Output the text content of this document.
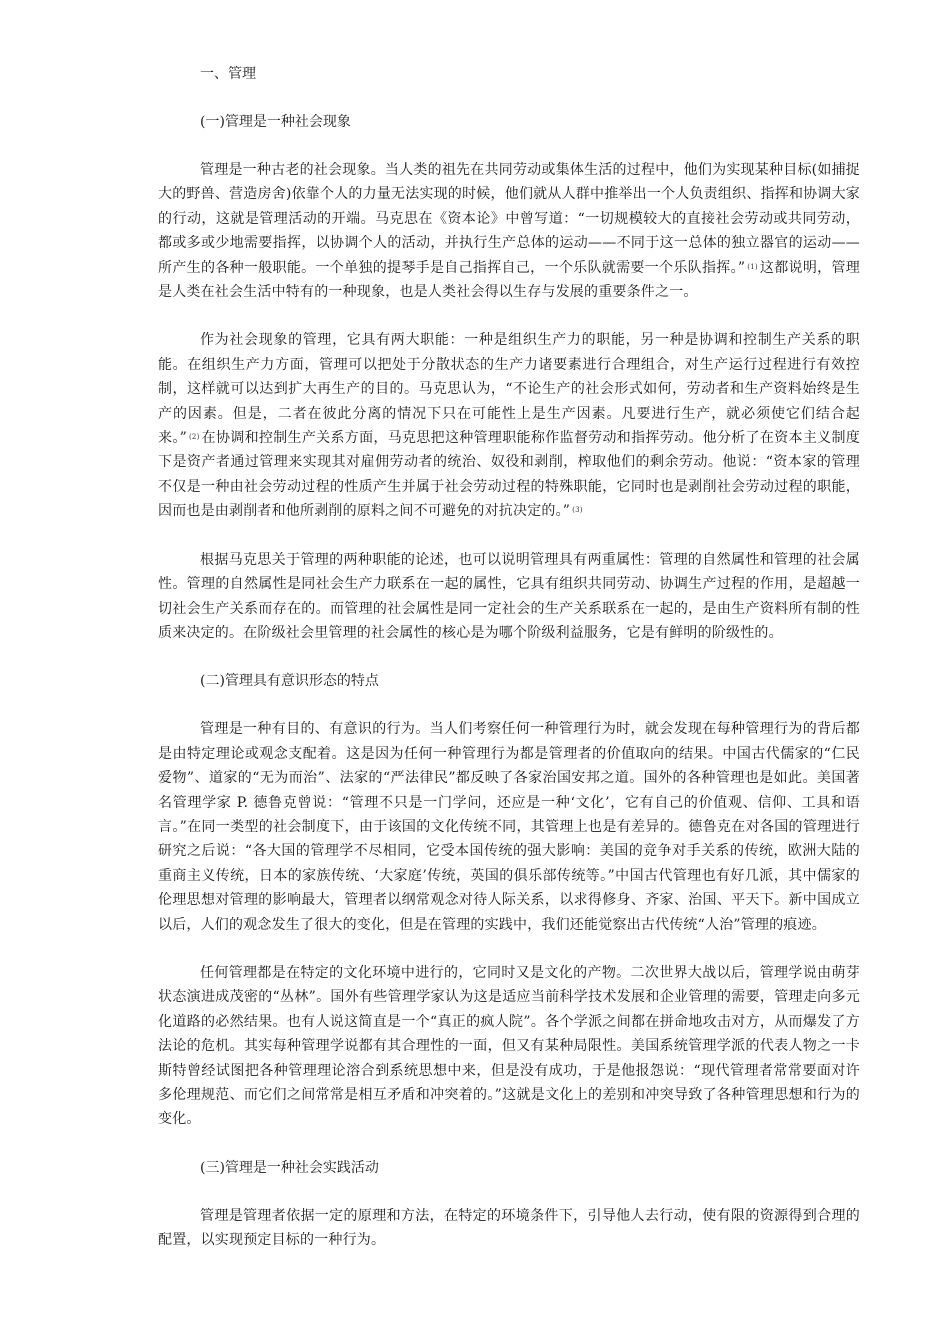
一、管理

(一)管理是一种社会现象

管理是一种古老的社会现象。当人类的祖先在共同劳动或集体生活的过程中，他们为实现某种目标(如捕捉大的野兽、营造房舍)依靠个人的力量无法实现的时候，他们就从人群中推举出一个人负责组织、指挥和协调大家的行动，这就是管理活动的开端。马克思在《资本论》中曾写道：“一切规模较大的直接社会劳动或共同劳动，都或多或少地需要指挥，以协调个人的活动，并执行生产总体的运动——不同于这一总体的独立器官的运动——所产生的各种一般职能。一个单独的提琴手是自己指挥自己，一个乐队就需要一个乐队指挥。” $^{(1)}$ 这都说明，管理是人类在社会生活中特有的一种现象，也是人类社会得以生存与发展的重要条件之一。

作为社会现象的管理，它具有两大职能：一种是组织生产力的职能，另一种是协调和控制生产关系的职能。在组织生产力方面，管理可以把处于分散状态的生产力诸要素进行合理组合，对生产运行过程进行有效控制，这样就可以达到扩大再生产的目的。马克思认为，“不论生产的社会形式如何，劳动者和生产资料始终是生产的因素。但是，二者在彼此分离的情况下只在可能性上是生产因素。凡要进行生产，就必须使它们结合起来。” $^{(2)}$ 在协调和控制生产关系方面，马克思把这种管理职能称作监督劳动和指挥劳动。他分析了在资本主义制度下是资产者通过管理来实现其对雇佣劳动者的统治、奴役和剥削，榨取他们的剩余劳动。他说：“资本家的管理不仅是一种由社会劳动过程的性质产生并属于社会劳动过程的特殊职能，它同时也是剥削社会劳动过程的职能，因而也是由剥削者和他所剥削的原料之间不可避免的对抗决定的。” $^{(3)}$

根据马克思关于管理的两种职能的论述，也可以说明管理具有两重属性：管理的自然属性和管理的社会属性。管理的自然属性是同社会生产力联系在一起的属性，它具有组织共同劳动、协调生产过程的作用，是超越一切社会生产关系而存在的。而管理的社会属性是同一定社会的生产关系联系在一起的，是由生产资料所有制的性质来决定的。在阶级社会里管理的社会属性的核心是为哪个阶级利益服务，它是有鲜明的阶级性的。

(二)管理具有意识形态的特点

管理是一种有目的、有意识的行为。当人们考察任何一种管理行为时，就会发现在每种管理行为的背后都是由特定理论或观念支配着。这是因为任何一种管理行为都是管理者的价值取向的结果。中国古代儒家的“仁民爱物”、道家的“无为而治”、法家的“严法律民”都反映了各家治国安邦之道。国外的各种管理也是如此。美国著名管理学家 P. 德鲁克曾说：“管理不只是一门学问，还应是一种‘文化’，它有自己的价值观、信仰、工具和语言。”在同一类型的社会制度下，由于该国的文化传统不同，其管理上也是有差异的。德鲁克在对各国的管理进行研究之后说：“各大国的管理学不尽相同，它受本国传统的强大影响：美国的竞争对手关系的传统，欧洲大陆的重商主义传统，日本的家族传统、‘大家庭’传统，英国的俱乐部传统等。”中国古代管理也有好几派，其中儒家的伦理思想对管理的影响最大，管理者以纲常观念对待人际关系，以求得修身、齐家、治国、平天下。新中国成立以后，人们的观念发生了很大的变化，但是在管理的实践中，我们还能觉察出古代传统“人治”管理的痕迹。

任何管理都是在特定的文化环境中进行的，它同时又是文化的产物。二次世界大战以后，管理学说由萌芽状态演进成茂密的“丛林”。国外有些管理学家认为这是适应当前科学技术发展和企业管理的需要，管理走向多元化道路的必然结果。也有人说这简直是一个“真正的疯人院”。各个学派之间都在拼命地攻击对方，从而爆发了方法论的危机。其实每种管理学说都有其合理性的一面，但又有某种局限性。美国系统管理学派的代表人物之一卡斯特曾经试图把各种管理理论溶合到系统思想中来，但是没有成功，于是他报怨说：“现代管理者常常要面对许多伦理规范、而它们之间常常是相互矛盾和冲突着的。”这就是文化上的差别和冲突导致了各种管理思想和行为的变化。

(三)管理是一种社会实践活动

管理是管理者依据一定的原理和方法，在特定的环境条件下，引导他人去行动，使有限的资源得到合理的配置，以实现预定目标的一种行为。
